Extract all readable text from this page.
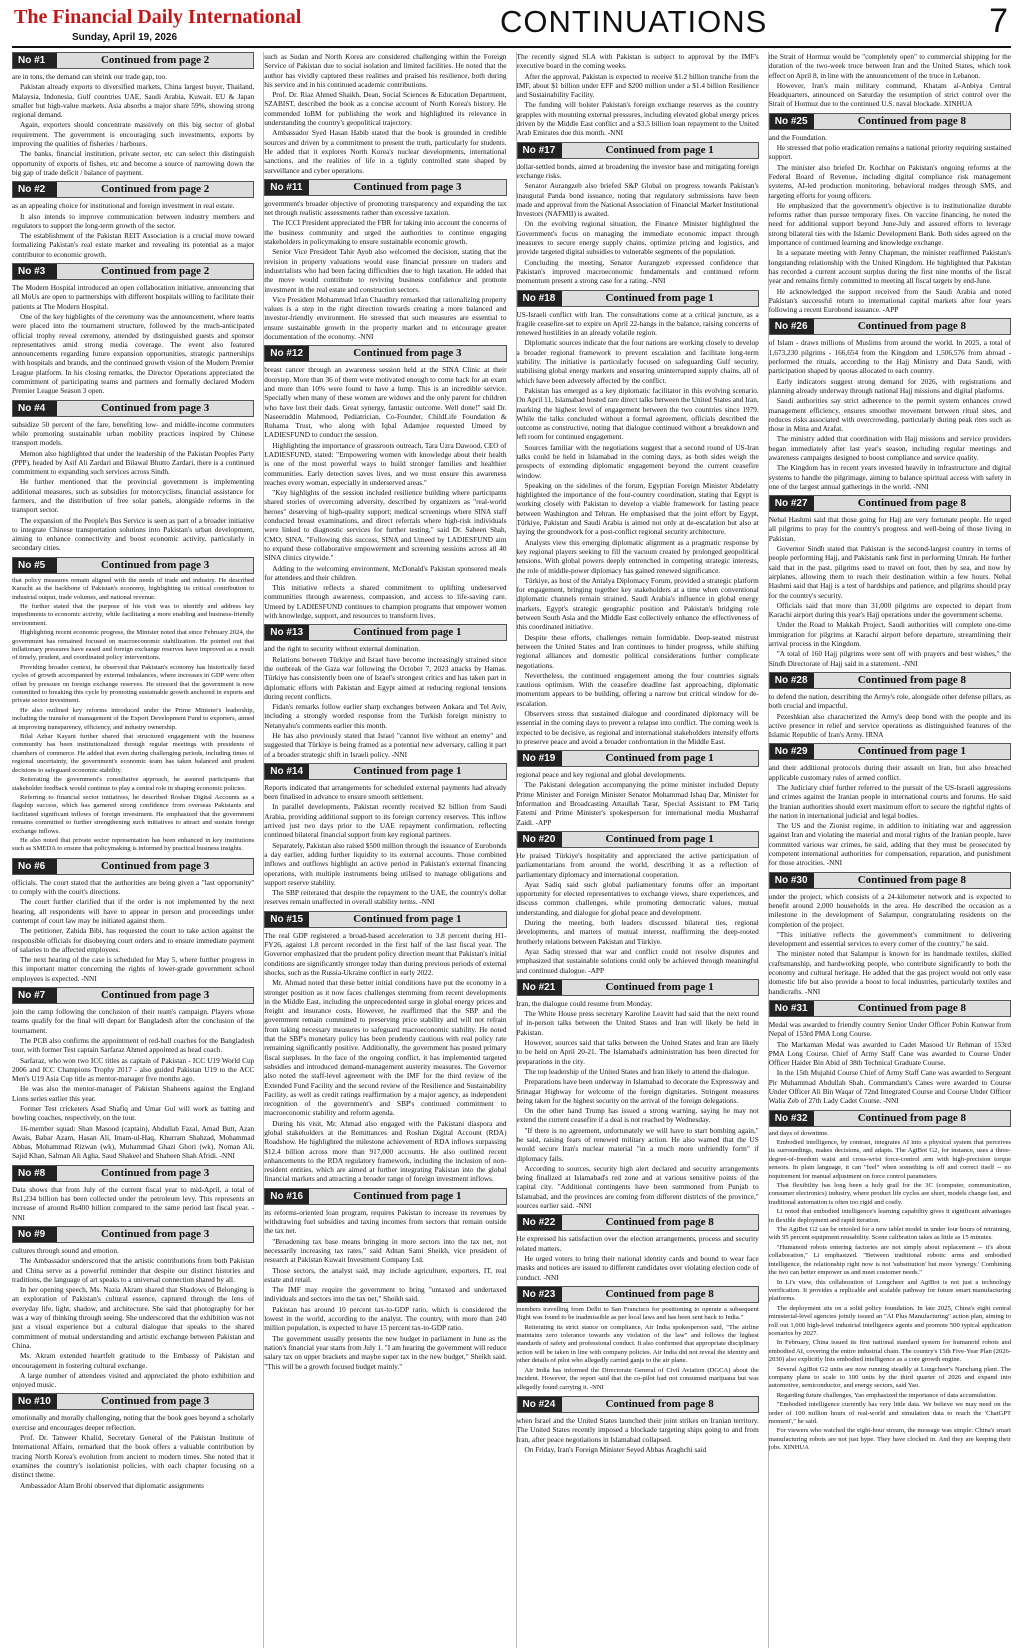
The Financial Daily International
Sunday, April 19, 2026	CONTINUATIONS	7
No #1	Continued from page 2

are in tons, the demand can shrink our trade gap, too.

Pakistan already exports to diversified markets, China largest buyer, Thailand, Malaysia, Indonesia, Gulf countries UAE, Saudi Arabia, Kuwait. EU & Japan smaller but high-value markets. Asia absorbs a major share 59%, showing strong regional demand.

Again, exporters should concentrate massively on this big sector of global requirement. The government is encouraging such investments, exports by improving the qualities of fisheries / harbours.

The banks, financial institution, private sector, etc can select this distinguish opportunity of exports of fishes, etc and become a source of narrowing down the big gap of trade deficit / balance of payment.

No #2	Continued from page 2

as an appealing choice for institutional and foreign investment in real estate.

It also intends to improve communication between industry members and regulators to support the long-term growth of the sector.

The establishment of the Pakistan REIT Association is a crucial move toward formalizing Pakistan's real estate market and revealing its potential as a major contributor to economic growth.

No #3	Continued from page 2

The Modern Hospital introduced an open collaboration initiative, announcing that all MoUs are open to partnerships with different hospitals willing to facilitate their patients at The Modern Hospital.

One of the key highlights of the ceremony was the announcement, where teams were placed into the tournament structure, followed by the much-anticipated official trophy reveal ceremony, attended by distinguished guests and sponsor representatives amid strong media coverage. The event also featured announcements regarding future expansion opportunities, strategic partnerships with hospitals and brands, and the continued growth vision of the Modern Premier League platform. In his closing remarks, the Director Operations appreciated the commitment of participating teams and partners and formally declared Modern Premier League Season 3 open.

No #4	Continued from page 3

subsidize 50 percent of the fare, benefiting low- and middle-income commuters while promoting sustainable urban mobility practices inspired by Chinese transport models.

Memon also highlighted that under the leadership of the Pakistan Peoples Party (PPP), headed by Asif Ali Zardari and Bilawal Bhutto Zardari, there is a continued commitment to expanding such services across Sindh.

He further mentioned that the provincial government is implementing additional measures, such as subsidies for motorcyclists, financial assistance for farmers, and the distribution of free solar panels, alongside reforms in the transport sector.

The expansion of the People's Bus Service is seen as part of a broader initiative to integrate Chinese transportation solutions into Pakistan's urban development, aiming to enhance connectivity and boost economic activity, particularly in secondary cities.

No #5	Continued from page 3

that policy measures remain aligned with the needs of trade and industry. He described Karachi as the backbone of Pakistan's economy, highlighting its critical contribution to industrial output, trade volumes, and national revenue.

He further stated that the purpose of his visit was to identify and address key impediments to economic activity, while facilitating a more enabling and business-friendly environment.

Highlighting recent economic progress, the Minister noted that since February 2024, the government has remained focused on macroeconomic stabilization. He pointed out that inflationary pressures have eased and foreign exchange reserves have improved as a result of timely, prudent, and coordinated policy interventions.

Providing broader context, he observed that Pakistan's economy has historically faced cycles of growth accompanied by external imbalances, where increases in GDP were often offset by pressure on foreign exchange reserves. He stressed that the government is now committed to breaking this cycle by promoting sustainable growth anchored in exports and private sector investment.

He also outlined key reforms introduced under the Prime Minister's leadership, including the transfer of management of the Export Development Fund to exporters, aimed at improving transparency, efficiency, and industry ownership.

Bilal Azhar Kayani further shared that structured engagement with the business community has been institutionalized through regular meetings with presidents of chambers of commerce. He added that even during challenging periods, including times of regional uncertainty, the government's economic team has taken balanced and prudent decisions to safeguard economic stability.

Reiterating the government's consultative approach, he assured participants that stakeholder feedback would continue to play a central role in shaping economic policies.

Referring to financial sector initiatives, he described Roshan Digital Accounts as a flagship success, which has garnered strong confidence from overseas Pakistanis and facilitated significant inflows of foreign investment. He emphasized that the government remains committed to further strengthening such initiatives to attract and sustain foreign exchange inflows.

He also noted that private sector representation has been enhanced in key institutions such as SMEDA to ensure that policymaking is informed by practical business insights.

No #6	Continued from page 3

officials. The court stated that the authorities are being given a "last opportunity" to comply with the court's directions.

The court further clarified that if the order is not implemented by the next hearing, all respondents will have to appear in person and proceedings under contempt of court law may be initiated against them.

The petitioner, Zahida Bibi, has requested the court to take action against the responsible officials for disobeying court orders and to ensure immediate payment of salaries to the affected employees.

The next hearing of the case is scheduled for May 5, where further progress in this important matter concerning the rights of lower-grade government school employees is expected. -NNI

No #7	Continued from page 3

join the camp following the conclusion of their team's campaign. Players whose teams qualify for the final will depart for Bangladesh after the conclusion of the tournament.

The PCB also confirms the appointment of red-ball coaches for the Bangladesh tour, with former Test captain Sarfaraz Ahmed appointed as head coach.

Sarfaraz, who won two ICC titles as captain of Pakistan - ICC U19 World Cup 2006 and ICC Champions Trophy 2017 - also guided Pakistan U19 to the ACC Men's U19 Asia Cup title as mentor-manager five months ago.

He was also the mentor-manager of Pakistan Shaheens against the England Lions series earlier this year.

Former Test cricketers Asad Shafiq and Umar Gul will work as batting and bowling coaches, respectively, on the tour.

16-member squad: Shan Masood (captain), Abdullah Fazal, Amad Butt, Azan Awais, Babar Azam, Hasan Ali, Imam-ul-Haq, Khurram Shahzad, Mohammad Abbas, Mohammad Rizwan (wk), Muhammad Ghazi Ghori (wk), Noman Ali, Sajid Khan, Salman Ali Agha, Saud Shakeel and Shaheen Shah Afridi. -NNI

No #8	Continued from page 3

Data shows that from July of the current fiscal year to mid-April, a total of Rs1,234 billion has been collected under the petroleum levy. This represents an increase of around Rs400 billion compared to the same period last fiscal year. -NNI

No #9	Continued from page 3

cultures through sound and emotion.

The Ambassador underscored that the artistic contributions from both Pakistan and China serve as a powerful reminder that despite our distinct histories and traditions, the language of art speaks to a universal connection shared by all.

In her opening speech, Ms. Nazia Akram shared that Shadows of Belonging is an exploration of Pakistan's cultural essence, captured through the lens of everyday life, light, shadow, and architecture. She said that photography for her was a way of thinking through seeing. She underscored that the exhibition was not just a visual experience but a cultural dialogue that speaks to the shared commitment of mutual understanding and artistic exchange between Pakistan and China.

Ms. Akram extended heartfelt gratitude to the Embassy of Pakistan and encouragement in fostering cultural exchange.

A large number of attendees visited and appreciated the photo exhibition and enjoyed music.

No #10	Continued from page 3

emotionally and morally challenging, noting that the book goes beyond a scholarly exercise and encourages deeper reflection.

Prof. Dr. Tanweer Khalid, Secretary General of the Pakistan Institute of International Affairs, remarked that the book offers a valuable contribution by tracing North Korea's evolution from ancient to modern times. She noted that it examines the country's isolationist policies, with each chapter focusing on a distinct theme.

Ambassador Alam Brohi observed that diplomatic assignments

such as Sudan and North Korea are considered challenging within the Foreign Service of Pakistan due to social isolation and limited facilities. He noted that the author has vividly captured these realities and praised his resilience, both during his service and in his continued academic contributions.

Prof. Dr. Riaz Ahmed Shaikh, Dean, Social Sciences & Education Department, SZABIST, described the book as a concise account of North Korea's history. He commended IoBM for publishing the work and highlighted its relevance in understanding the country's geopolitical trajectory.

Ambassador Syed Hasan Habib stated that the book is grounded in credible sources and driven by a commitment to present the truth, particularly for students. He added that it explores North Korea's nuclear developments, international sanctions, and the realities of life in a tightly controlled state shaped by surveillance and cyber operations.

No #11	Continued from page 3

government's broader objective of promoting transparency and expanding the tax net through realistic assessments rather than excessive taxation.

The ICCI President appreciated the FBR for taking into account the concerns of the business community and urged the authorities to continue engaging stakeholders in policymaking to ensure sustainable economic growth.

Senior Vice President Tahir Ayub also welcomed the decision, stating that the revision in property valuations would ease financial pressure on traders and industrialists who had been facing difficulties due to high taxation. He added that the move would contribute to reviving business confidence and promote investment in the real estate and construction sectors.

Vice President Mohammad Irfan Chaudhry remarked that rationalizing property values is a step in the right direction towards creating a more balanced and investor-friendly environment. He stressed that such measures are essential to ensure sustainable growth in the property market and to encourage greater documentation of the economy. -NNI

No #12	Continued from page 3

breast cancer through an awareness session held at the SINA Clinic at their doorstep. More than 36 of them were motivated enough to come back for an exam and more than 10% were found to have a lump. This is an incredible service. Specially when many of these women are widows and the only parent for children who have lost their dads. Great synergy, fantastic outcome. Well done!" said Dr. Naseeruddin Mahmood, Pediatrician, Co-Founder, ChildLife Foundation & Ruhama Trust, who along with Iqbal Adamjee requested Umeed by LADIESFUND to conduct the session.

Highlighting the importance of grassroots outreach, Tara Uzra Dawood, CEO of LADIESFUND, stated: "Empowering women with knowledge about their health is one of the most powerful ways to build stronger families and healthier communities. Early detection saves lives, and we must ensure this awareness reaches every woman, especially in underserved areas."

"Key highlights of the session included resilience building where participants shared stories of overcoming adversity, described by organizers as "real-world heroes" deserving of high-quality support; medical screenings where SINA staff conducted breast examinations, and direct referrals where high-risk individuals were linked to diagnostic services for further testing," said Dr. Sabeen Shah, CMO, SINA. "Following this success, SINA and Umeed by LADIESFUND aim to expand these collaborative empowerment and screening sessions across all 40 SINA clinics citywide."

Adding to the welcoming environment, McDonald's Pakistan sponsored meals for attendees and their children.

This initiative reflects a shared commitment to uplifting underserved communities through awareness, compassion, and access to life-saving care. Umeed by LADIESFUND continues to champion programs that empower women with knowledge, support, and resources to transform lives.

No #13	Continued from page 1

and the right to security without external domination.

Relations between Türkiye and Israel have become increasingly strained since the outbreak of the Gaza war following the October 7, 2023 attacks by Hamas. Türkiye has consistently been one of Israel's strongest critics and has taken part in diplomatic efforts with Pakistan and Egypt aimed at reducing regional tensions during recent conflicts.

Fidan's remarks follow earlier sharp exchanges between Ankara and Tel Aviv, including a strongly worded response from the Turkish foreign ministry to Netanyahu's comments earlier this month.

He has also previously stated that Israel "cannot live without an enemy" and suggested that Türkiye is being framed as a potential new adversary, calling it part of a broader strategic shift in Israeli policy. -NNI

No #14	Continued from page 1

Reports indicated that arrangements for scheduled external payments had already been finalised in advance to ensure smooth settlement.

In parallel developments, Pakistan recently received $2 billion from Saudi Arabia, providing additional support to its foreign currency reserves. This inflow arrived just two days prior to the UAE repayment confirmation, reflecting continued bilateral financial support from key regional partners.

Separately, Pakistan also raised $500 million through the issuance of Eurobonds a day earlier, adding further liquidity to its external accounts. Those combined inflows and outflows highlight an active period in Pakistan's external financing operations, with multiple instruments being utilised to manage obligations and support reserve stability.

The SBP reiterated that despite the repayment to the UAE, the country's dollar reserves remain unaffected in overall stability terms. -NNI

No #15	Continued from page 1

The real GDP registered a broad-based acceleration to 3.8 percent during H1-FY26, against 1.8 percent recorded in the first half of the last fiscal year. The Governor emphasized that the prudent policy direction meant that Pakistan's initial conditions are significantly stronger today than during previous periods of external shocks, such as the Russia-Ukraine conflict in early 2022.

Mr. Ahmad noted that these better initial conditions have put the economy in a stronger position as it now faces challenges stemming from recent developments in the Middle East, including the unprecedented surge in global energy prices and freight and insurance costs. However, he reaffirmed that the SBP and the government remain committed to preserving price stability and will not refrain from taking necessary measures to safeguard macroeconomic stability. He noted that the SBP's monetary policy has been prudently cautious with real policy rate remaining significantly positive. Additionally, the government has posted primary fiscal surpluses. In the face of the ongoing conflict, it has implemented targeted subsidies and introduced demand-management austerity measures. The Governor also noted the staff-level agreement with the IMF for the third review of the Extended Fund Facility and the second review of the Resilience and Sustainability Facility, as well as credit ratings reaffirmation by a major agency, as independent recognition of the government's and SBP's continued commitment to macroeconomic stability and reform agenda.

During his visit, Mr. Ahmad also engaged with the Pakistani diaspora and global stakeholders at the Remittances and Roshan Digital Account (RDA) Roadshow. He highlighted the milestone achievement of RDA inflows surpassing $12.4 billion across more than 917,000 accounts. He also outlined recent enhancements to the RDA regulatory framework, including the inclusion of non-resident entities, which are aimed at further integrating Pakistan into the global financial markets and attracting a broader range of foreign investment inflows.

No #16	Continued from page 1

its reforms-oriented loan program, requires Pakistan to increase its revenues by withdrawing fuel subsidies and taxing incomes from sectors that remain outside the tax net.

"Broadening tax base means bringing in more sectors into the tax net, not necessarily increasing tax rates," said Adnan Sami Sheikh, vice president of research at Pakistan Kuwait Investment Company Ltd.

Those sectors, the analyst said, may include agriculture, exporters, IT, real estate and retail.

The IMF may require the government to bring "untaxed and undertaxed individuals and sectors into the tax net," Sheikh said.

Pakistan has around 10 percent tax-to-GDP ratio, which is considered the lowest in the world, according to the analyst. The country, with more than 240 million population, is expected to have 15 percent tax-to-GDP ratio.

The government usually presents the new budget in parliament in June as the nation's financial year starts from July 1. "I am hearing the government will reduce salary tax on upper brackets and maybe super tax in the new budget," Sheikh said. "This will be a growth focused budget mainly."

The recently signed SLA with Pakistan is subject to approval by the IMF's executive board in the coming weeks.

After the approval, Pakistan is expected to receive $1.2 billion tranche from the IMF, about $1 billion under EFF and $200 million under a $1.4 billion Resilience and Sustainability Facility.

The funding will bolster Pakistan's foreign exchange reserves as the country grapples with mounting external pressures, including elevated global energy prices driven by the Middle East conflict and a $3.5 billion loan repayment to the United Arab Emirates due this month. -NNI

No #17	Continued from page 1

dollar-settled bonds, aimed at broadening the investor base and mitigating foreign exchange risks.

Senator Aurangzeb also briefed S&P Global on progress towards Pakistan's inaugural Panda bond issuance, noting that regulatory submissions have been made and approval from the National Association of Financial Market Institutional Investors (NAFMII) is awaited.

On the evolving regional situation, the Finance Minister highlighted the Government's focus on managing the immediate economic impact through measures to secure energy supply chains, optimize pricing and logistics, and provide targeted digital subsidies to vulnerable segments of the population.

Concluding the meeting, Senator Aurangzeb expressed confidence that Pakistan's improved macroeconomic fundamentals and continued reform momentum present a strong case for a rating. -NNI

No #18	Continued from page 1

US-Israeli conflict with Iran. The consultations come at a critical juncture, as a fragile ceasefire-set to expire on April 22-hangs in the balance, raising concerns of renewed hostilities in an already volatile region.

Diplomatic sources indicate that the four nations are working closely to develop a broader regional framework to prevent escalation and facilitate long-term stability. The initiative is particularly focused on safeguarding Gulf security, stabilising global energy markets and ensuring uninterrupted supply chains, all of which have been adversely affected by the conflict.

Pakistan has emerged as a key diplomatic facilitator in this evolving scenario. On April 11, Islamabad hosted rare direct talks between the United States and Iran, marking the highest level of engagement between the two countries since 1979. While the talks concluded without a formal agreement, officials described the outcome as constructive, noting that dialogue continued without a breakdown and left room for continued engagement.

Sources familiar with the negotiations suggest that a second round of US-Iran talks could be held in Islamabad in the coming days, as both sides weigh the prospects of extending diplomatic engagement beyond the current ceasefire window.

Speaking on the sidelines of the forum, Egyptian Foreign Minister Abdelatty highlighted the importance of the four-country coordination, stating that Egypt is working closely with Pakistan to develop a viable framework for lasting peace between Washington and Tehran. He emphasised that the joint effort by Egypt, Türkiye, Pakistan and Saudi Arabia is aimed not only at de-escalation but also at laying the groundwork for a post-conflict regional security architecture.

Analysts view this emerging diplomatic alignment as a pragmatic response by key regional players seeking to fill the vacuum created by prolonged geopolitical tensions. With global powers deeply entrenched in competing strategic interests, the role of middle-power diplomacy has gained renewed significance.

Türkiye, as host of the Antalya Diplomacy Forum, provided a strategic platform for engagement, bringing together key stakeholders at a time when conventional diplomatic channels remain strained. Saudi Arabia's influence in global energy markets, Egypt's strategic geographic position and Pakistan's bridging role between South Asia and the Middle East collectively enhance the effectiveness of this coordinated initiative.

Despite these efforts, challenges remain formidable. Deep-seated mistrust between the United States and Iran continues to hinder progress, while shifting regional alliances and domestic political considerations further complicate negotiations.

Nevertheless, the continued engagement among the four countries signals cautious optimism. With the ceasefire deadline fast approaching, diplomatic momentum appears to be building, offering a narrow but critical window for de-escalation.

Observers stress that sustained dialogue and coordinated diplomacy will be essential in the coming days to prevent a relapse into conflict. The coming week is expected to be decisive, as regional and international stakeholders intensify efforts to preserve peace and avoid a broader confrontation in the Middle East.

No #19	Continued from page 1

regional peace and key regional and global developments.

The Pakistani delegation accompanying the prime minister included Deputy Prime Minister and Foreign Minister Senator Mohammad Ishaq Dar, Minister for Information and Broadcasting Attaullah Tarar, Special Assistant to PM Tariq Fatemi and Prime Minister's spokesperson for international media Musharraf Zaidi. -APP

No #20	Continued from page 1

He praised Türkiye's hospitality and appreciated the active participation of parliamentarians from around the world, describing it as a reflection of parliamentary diplomacy and international cooperation.

Ayaz Sadiq said such global parliamentary forums offer an important opportunity for elected representatives to exchange views, share experiences, and discuss common challenges, while promoting democratic values, mutual understanding, and dialogue for global peace and development.

During the meeting, both leaders discussed bilateral ties, regional developments, and matters of mutual interest, reaffirming the deep-rooted brotherly relations between Pakistan and Türkiye.

Ayaz Sadiq stressed that war and conflict could not resolve disputes and emphasized that sustainable solutions could only be achieved through meaningful and continued dialogue. -APP

No #21	Continued from page 1

Iran, the dialogue could resume from Monday.

The White House press secretary Karoline Leavitt had said that the next round of in-person talks between the United States and Iran will likely be held in Pakistan.

However, sources said that talks between the United States and Iran are likely to be held on April 20-21. The Islamabad's administration has been directed for preparations in the city.

The top leadership of the United States and Iran likely to attend the dialogue.

Preparations have been underway in Islamabad to decorate the Expressway and Srinagar Highway for welcome of the foreign dignitaries. Stringent measures being taken for the highest security on the arrival of the foreign delegations.

On the other hand Trump has issued a strong warning, saying he may not extend the current ceasefire if a deal is not reached by Wednesday.

"If there is no agreement, unfortunately we will have to start bombing again," he said, raising fears of renewed military action. He also warned that the US would secure Iran's nuclear material "in a much more unfriendly form" if diplomacy fails.

According to sources, security high alert declared and security arrangements being finalized at Islamabad's red zone and at various sensitive points of the capital city. "Additional contingents have been summoned from Punjab to Islamabad, and the provinces are coming from different districts of the province," sources earlier said. -NNI

No #22	Continued from page 8

He expressed his satisfaction over the election arrangements, process and security related matters.

He urged voters to bring their national identity cards and bound to wear face masks and notices are issued to different candidates over violating election code of conduct. -NNI

No #23	Continued from page 8

members travelling from Delhi to San Francisco for positioning to operate a subsequent flight was found to be inadmissible as per local laws and has been sent back to India."

Reiterating its strict stance on compliance, Air India spokesperson said, "The airline maintains zero tolerance towards any violation of the law" and follows the highest standards of safety and professional conduct. It also confirmed that appropriate disciplinary action will be taken in line with company policies. Air India did not reveal the identity and other details of pilot who allegedly carried ganja to the air plane.

Air India has informed the Directorate General of Civil Aviation (DGCA) about the incident. However, the report said that the co-pilot had not consumed marijuana but was allegedly found carrying it. -NNI

No #24	Continued from page 8

when Israel and the United States launched their joint strikes on Iranian territory. The United States recently imposed a blockade targeting ships going to and from Iran, after peace negotiations in Islamabad collapsed.

On Friday, Iran's Foreign Minister Seyed Abbas Araghchi said

the Strait of Hormuz would be "completely open" to commercial shipping for the duration of the two-week truce between Iran and the United States, which took effect on April 8, in line with the announcement of the truce in Lebanon.

However, Iran's main military command, Khatam al-Anbiya Central Headquarters, announced on Saturday the resumption of strict control over the Strait of Hormuz due to the continued U.S. naval blockade. XINHUA

No #25	Continued from page 8

and the Foundation.

He stressed that polio eradication remains a national priority requiring sustained support.

The minister also briefed Dr. Kochhar on Pakistan's ongoing reforms at the Federal Board of Revenue, including digital compliance risk management systems, AI-led production monitoring, behavioral nudges through SMS, and targeting efforts for young officers.

He emphasized that the government's objective is to institutionalize durable reforms rather than pursue temporary fixes. On vaccine financing, he noted the need for additional support beyond June-July and assured efforts to leverage strong bilateral ties with the Islamic Development Bank. Both sides agreed on the importance of continued learning and knowledge exchange.

In a separate meeting with Jenny Chapman, the minister reaffirmed Pakistan's longstanding relationship with the United Kingdom. He highlighted that Pakistan has recorded a current account surplus during the first nine months of the fiscal year and remains firmly committed to meeting all fiscal targets by end-June.

He acknowledged the support received from the Saudi Arabia and noted Pakistan's successful return to international capital markets after four years following a recent Eurobond issuance. -APP

No #26	Continued from page 8

of Islam - draws millions of Muslims from around the world. In 2025, a total of 1,673,230 pilgrims - 166,654 from the Kingdom and 1,506,576 from abroad - performed the rituals, according to the Hajj Ministry and Data Saudi, with participation shaped by quotas allocated to each country.

Early indicators suggest strong demand for 2026, with registrations and planning already underway through national Hajj missions and digital platforms.

Saudi authorities say strict adherence to the permit system enhances crowd management efficiency, ensures smoother movement between ritual sites, and reduces risks associated with overcrowding, particularly during peak rites such as those in Mina and Arafat.

The ministry added that coordination with Hajj missions and service providers began immediately after last year's season, including regular meetings and awareness campaigns designed to boost compliance and service quality.

The Kingdom has in recent years invested heavily in infrastructure and digital systems to handle the pilgrimage, aiming to balance spiritual access with safety in one of the largest annual gatherings in the world. -NNI

No #27	Continued from page 8

Nehal Hashmi said that those going for Hajj are very fortunate people. He urged all pilgrims to pray for the country's progress and well-being of those living in Pakistan.

Governor Sindh stated that Pakistan is the second-largest country in terms of people performing Hajj, and Pakistanis rank first in performing Umrah. He further said that in the past, pilgrims used to travel on foot, then by sea, and now by airplanes, allowing them to reach their destination within a few hours. Nehal Hashmi said that Hajj is a test of hardships and patience, and pilgrims should pray for the country's security.

Officials said that more than 31,000 pilgrims are expected to depart from Karachi airport during this year's Hajj operations under the government scheme.

Under the Road to Makkah Project, Saudi authorities will complete one-time immigration for pilgrims at Karachi airport before departure, streamlining their arrival process in the Kingdom.

"A total of 160 Hajj pilgrims were sent off with prayers and best wishes," the Sindh Directorate of Hajj said in a statement. -NNI

No #28	Continued from page 8

to defend the nation, describing the Army's role, alongside other defense pillars, as both crucial and impactful.

Pezeshkian also characterized the Army's deep bond with the people and its active presence in relief and service operations as distinguished features of the Islamic Republic of Iran's Army. IRNA

No #29	Continued from page 1

and their additional protocols during their assault on Iran, but also breached applicable customary rules of armed conflict.

The Judiciary chief further referred to the pursuit of the US-Israeli aggressions and crimes against the Iranian people in international courts and forums. He said the Iranian authorities should exert maximum effort to secure the rightful rights of the nation in international judicial and legal bodies.

The US and the Zionist regime, in addition to initiating war and aggression against Iran and violating the material and moral rights of the Iranian people, have committed various war crimes, he said, adding that they must be prosecuted by competent international authorities for compensation, reparation, and punishment for those atrocities. -NNI

No #30	Continued from page 8

under the project, which consists of a 24-kilometer network and is expected to benefit around 2,000 households in the area. He described the occasion as a milestone in the development of Salampur, congratulating residents on the completion of the project.

"This initiative reflects the government's commitment to delivering development and essential services to every corner of the country," he said.

The minister noted that Salampur is known for its handmade textiles, skilled craftsmanship, and hardworking people, who contribute significantly to both the economy and cultural heritage. He added that the gas project would not only ease domestic life but also provide a boost to local industries, particularly textiles and handicrafts. -NNI

No #31	Continued from page 8

Medal was awarded to friendly country Senior Under Officer Pobin Kunwar from Nepal of 153rd PMA Long Course.

The Markaman Medal was awarded to Cadet Masood Ur Rehman of 153rd PMA Long Course. Chief of Army Staff Cane was awarded to Course Under Officer Haider Bin Abid of 38th Technical Graduate Course.

In the 15th Mujahid Course Chief of Army Staff Cane was awarded to Sergeant Pir Muhammad Abdullah Shah. Commandant's Canes were awarded to Course Under Officer Ali Bin Waqar of 72nd Integrated Course and Course Under Officer Walia Zeb of 27th Lady Cadet Course. -NNI

No #32	Continued from page 8

and days of downtime.

Embodied intelligence, by contrast, integrates AI into a physical system that perceives its surroundings, makes decisions, and adapts. The AgiBot G2, for instance, uses a three-degree-of-freedom waist and cross-wrist force-control arm with high-precision torque sensors. In plain language, it can "feel" when something is off and correct itself -- no requirement for manual adjustment on force control parameters.

That flexibility has long been a holy grail for the 3C (computer, communication, consumer electronics) industry, where product life cycles are short, models change fast, and traditional automation is often too rigid and costly.

Li noted that embodied intelligence's learning capability gives it significant advantages in flexible deployment and rapid iteration.

The AgiBot G2 can be retooled for a new tablet model in under four hours of retraining, with 95 percent equipment reusability. Scene calibration takes as little as 15 minutes.

"Humanoid robots entering factories are not simply about replacement -- it's about collaboration," Li emphasized. "Between traditional robotic arms and embodied intelligence, the relationship right now is not 'substitution' but more 'synergy.' Combining the two can better empower us and meet customer needs."

In Li's view, this collaboration of Longcheer and AgiBot is not just a technology verification. It provides a replicable and scalable pathway for future smart manufacturing platforms.

The deployment sits on a solid policy foundation. In late 2025, China's eight central ministerial-level agencies jointly issued an "AI Plus Manufacturing" action plan, aiming to roll out 1,000 high-level industrial intelligence agents and promote 500 typical application scenarios by 2027.

In February, China issued its first national standard system for humanoid robots and embodied AI, covering the entire industrial chain. The country's 15th Five-Year Plan (2026-2030) also explicitly lists embodied intelligence as a core growth engine.

Several AgiBot G2 units are now running steadily at Longcheer's Nanchang plant. The company plans to scale to 100 units by the third quarter of 2026 and expand into automotive, semiconductor, and energy sectors, said Yao.

Regarding future challenges, Yao emphasized the importance of data accumulation.

"Embodied intelligence currently has very little data. We believe we may need on the order of 100 million hours of real-world and simulation data to reach the 'ChatGPT moment'," he said.

For viewers who watched the eight-hour stream, the message was simple: China's smart manufacturing robots are not just hype. They have clocked in. And they are keeping their jobs. XINHUA
